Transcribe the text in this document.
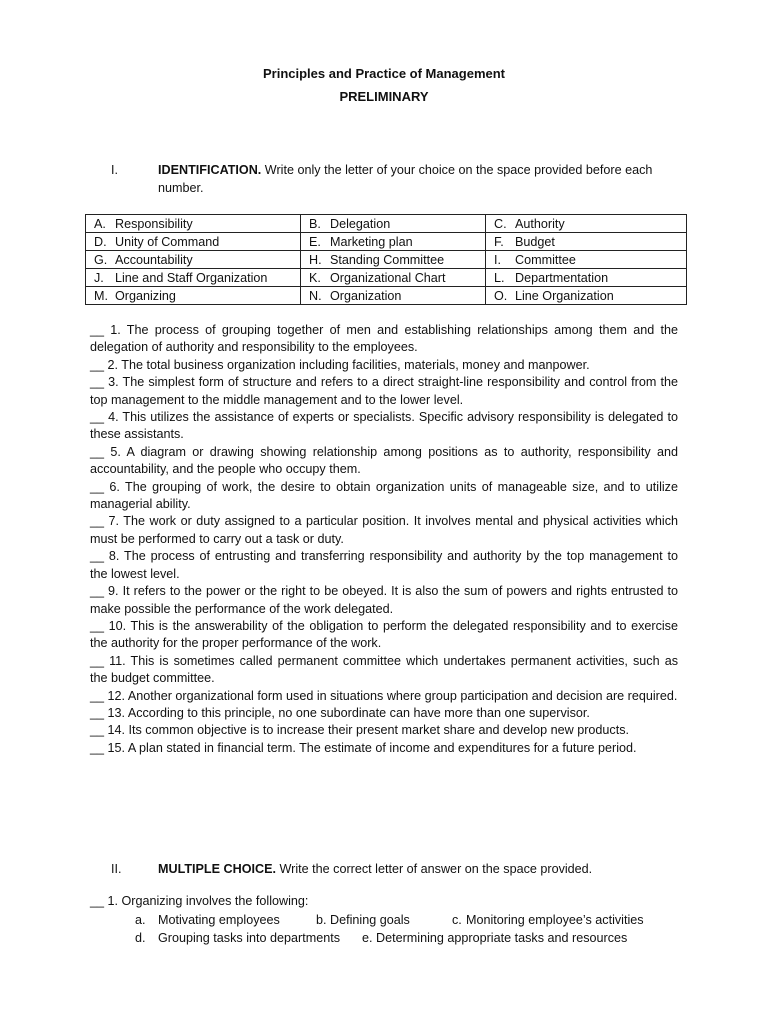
Principles and Practice of Management
PRELIMINARY
I.	IDENTIFICATION. Write only the letter of your choice on the space provided before each number.
A. Responsibility	B. Delegation	C. Authority
D. Unity of Command	E. Marketing plan	F. Budget
G. Accountability	H. Standing Committee	I. Committee
J. Line and Staff Organization	K. Organizational Chart	L. Departmentation
M. Organizing	N. Organization	O. Line Organization

__ 1. The process of grouping together of men and establishing relationships among them and the delegation of authority and responsibility to the employees.

__ 2. The total business organization including facilities, materials, money and manpower.

__ 3. The simplest form of structure and refers to a direct straight-line responsibility and control from the top management to the middle management and to the lower level.

__ 4. This utilizes the assistance of experts or specialists. Specific advisory responsibility is delegated to these assistants.

__ 5. A diagram or drawing showing relationship among positions as to authority, responsibility and accountability, and the people who occupy them.

__ 6. The grouping of work, the desire to obtain organization units of manageable size, and to utilize managerial ability.

__ 7. The work or duty assigned to a particular position. It involves mental and physical activities which must be performed to carry out a task or duty.

__ 8. The process of entrusting and transferring responsibility and authority by the top management to the lowest level.

__ 9. It refers to the power or the right to be obeyed. It is also the sum of powers and rights entrusted to make possible the performance of the work delegated.

__ 10. This is the answerability of the obligation to perform the delegated responsibility and to exercise the authority for the proper performance of the work.

__ 11. This is sometimes called permanent committee which undertakes permanent activities, such as the budget committee.

__ 12. Another organizational form used in situations where group participation and decision are required.

__ 13. According to this principle, no one subordinate can have more than one supervisor.

__ 14. Its common objective is to increase their present market share and develop new products.

__ 15. A plan stated in financial term. The estimate of income and expenditures for a future period.

II.	MULTIPLE CHOICE. Write the correct letter of answer on the space provided.
__ 1. Organizing involves the following:
a. Motivating employees	b. Defining goals	c. Monitoring employee’s activities
d. Grouping tasks into departments e. Determining appropriate tasks and resources
